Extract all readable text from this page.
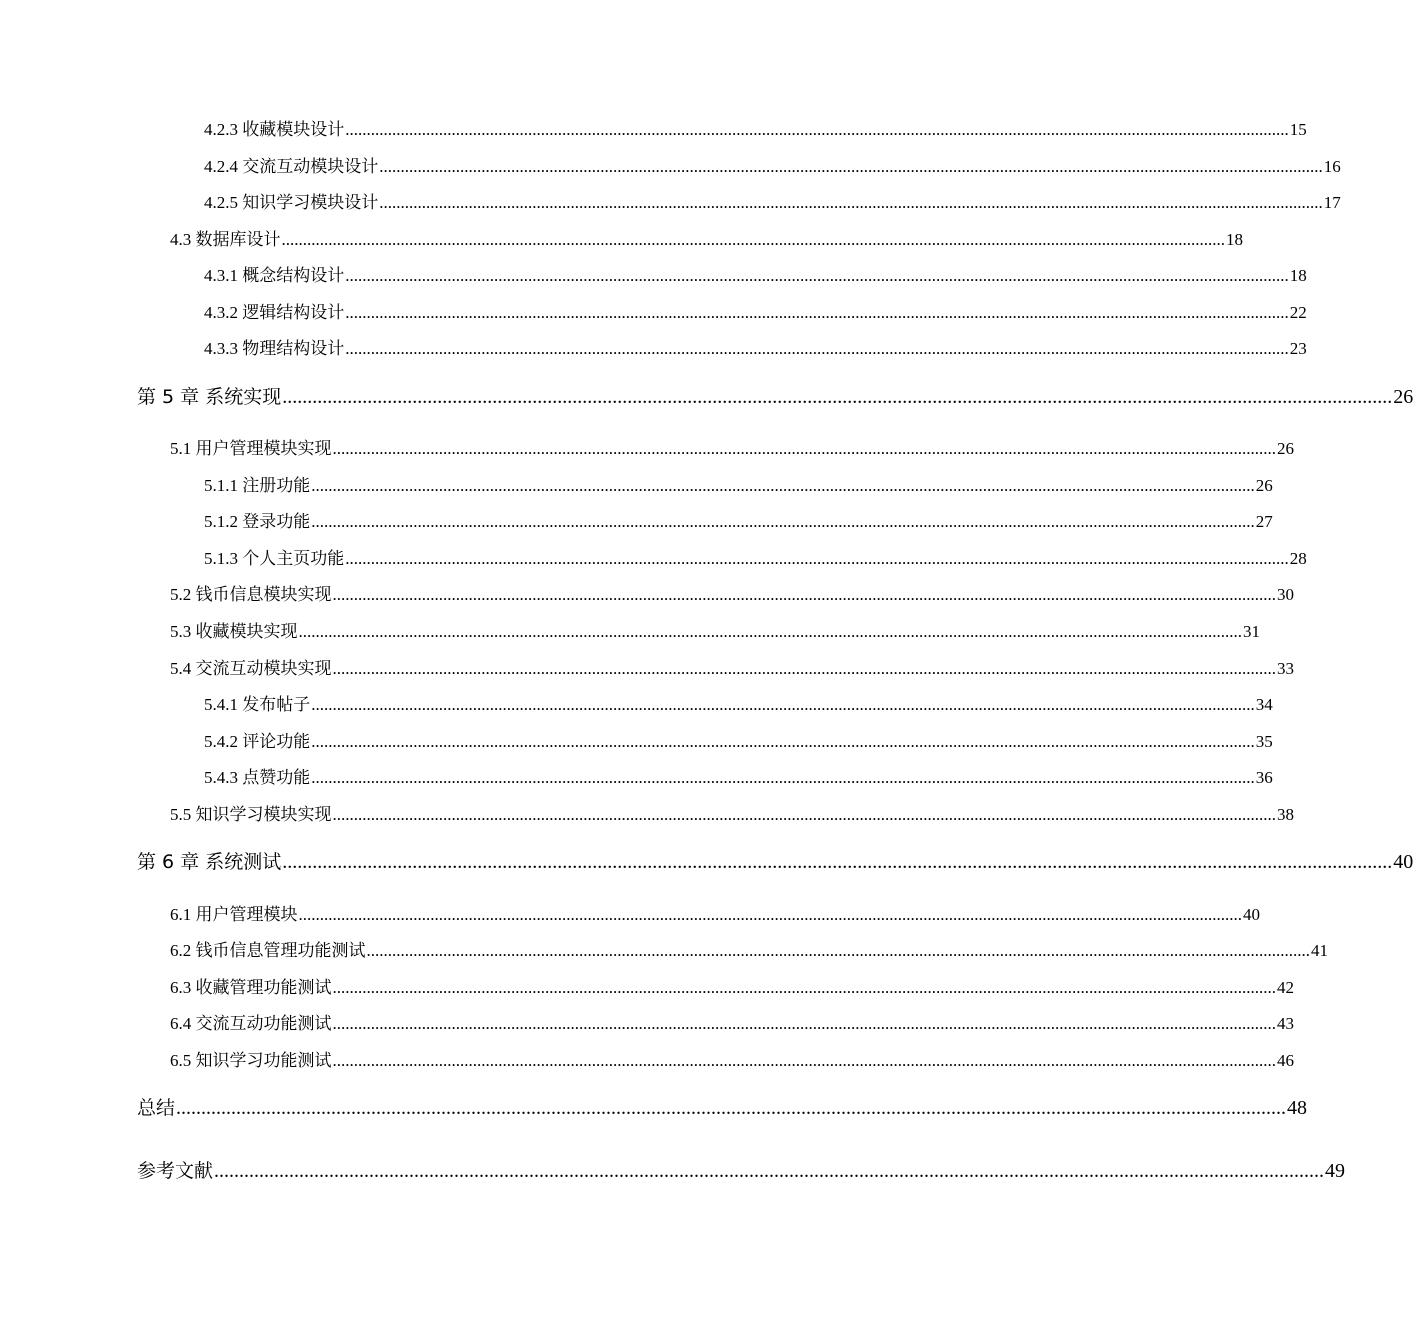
4.2.3 收藏模块设计 .............................................................................................................................................................................................................................. 15
4.2.4 交流互动模块设计 .............................................................................................................................................................................................................................. 16
4.2.5 知识学习模块设计 .............................................................................................................................................................................................................................. 17
4.3 数据库设计 .............................................................................................................................................................................................................................. 18
4.3.1 概念结构设计 .............................................................................................................................................................................................................................. 18
4.3.2 逻辑结构设计 .............................................................................................................................................................................................................................. 22
4.3.3 物理结构设计 .............................................................................................................................................................................................................................. 23
第 5 章 系统实现 .............................................................................................................................................................................................................................. 26
5.1 用户管理模块实现 .............................................................................................................................................................................................................................. 26
5.1.1 注册功能 .............................................................................................................................................................................................................................. 26
5.1.2 登录功能 .............................................................................................................................................................................................................................. 27
5.1.3 个人主页功能 .............................................................................................................................................................................................................................. 28
5.2 钱币信息模块实现 .............................................................................................................................................................................................................................. 30
5.3 收藏模块实现 .............................................................................................................................................................................................................................. 31
5.4 交流互动模块实现 .............................................................................................................................................................................................................................. 33
5.4.1 发布帖子 .............................................................................................................................................................................................................................. 34
5.4.2 评论功能 .............................................................................................................................................................................................................................. 35
5.4.3 点赞功能 .............................................................................................................................................................................................................................. 36
5.5 知识学习模块实现 .............................................................................................................................................................................................................................. 38
第 6 章 系统测试 .............................................................................................................................................................................................................................. 40
6.1 用户管理模块 .............................................................................................................................................................................................................................. 40
6.2 钱币信息管理功能测试 .............................................................................................................................................................................................................................. 41
6.3 收藏管理功能测试 .............................................................................................................................................................................................................................. 42
6.4 交流互动功能测试 .............................................................................................................................................................................................................................. 43
6.5 知识学习功能测试 .............................................................................................................................................................................................................................. 46
总结 .............................................................................................................................................................................................................................. 48
参考文献 .............................................................................................................................................................................................................................. 49
